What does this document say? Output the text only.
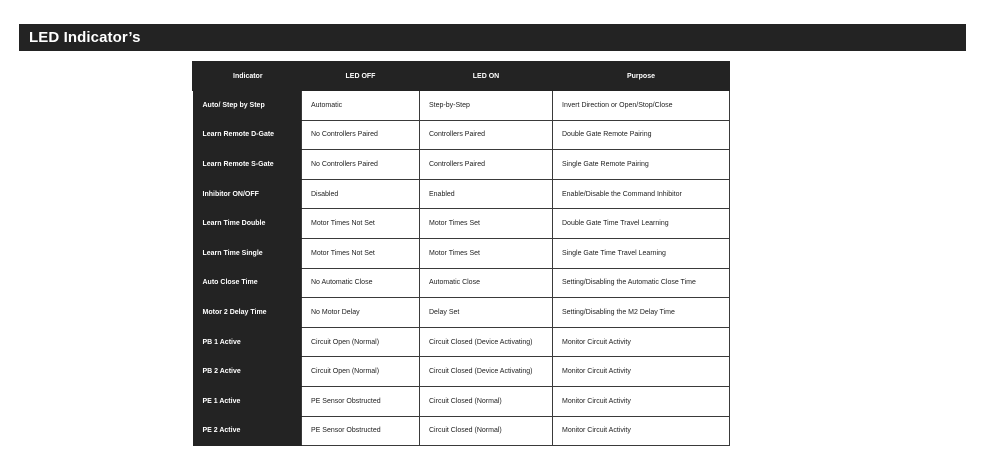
LED Indicator’s
Indicator	LED OFF	LED ON	Purpose
Auto/ Step by Step	Automatic	Step-by-Step	Invert Direction or Open/Stop/Close
Learn Remote D-Gate	No Controllers Paired	Controllers Paired	Double Gate Remote Pairing
Learn Remote S-Gate	No Controllers Paired	Controllers Paired	Single Gate Remote Pairing
Inhibitor ON/OFF	Disabled	Enabled	Enable/Disable the Command Inhibitor
Learn Time Double	Motor Times Not Set	Motor Times Set	Double Gate Time Travel Learning
Learn Time Single	Motor Times Not Set	Motor Times Set	Single Gate Time Travel Learning
Auto Close Time	No Automatic Close	Automatic Close	Setting/Disabling the Automatic Close Time
Motor 2 Delay Time	No Motor Delay	Delay Set	Setting/Disabling the M2 Delay Time
PB 1 Active	Circuit Open (Normal)	Circuit Closed (Device Activating)	Monitor Circuit Activity
PB 2 Active	Circuit Open (Normal)	Circuit Closed (Device Activating)	Monitor Circuit Activity
PE 1 Active	PE Sensor Obstructed	Circuit Closed (Normal)	Monitor Circuit Activity
PE 2 Active	PE Sensor Obstructed	Circuit Closed (Normal)	Monitor Circuit Activity
